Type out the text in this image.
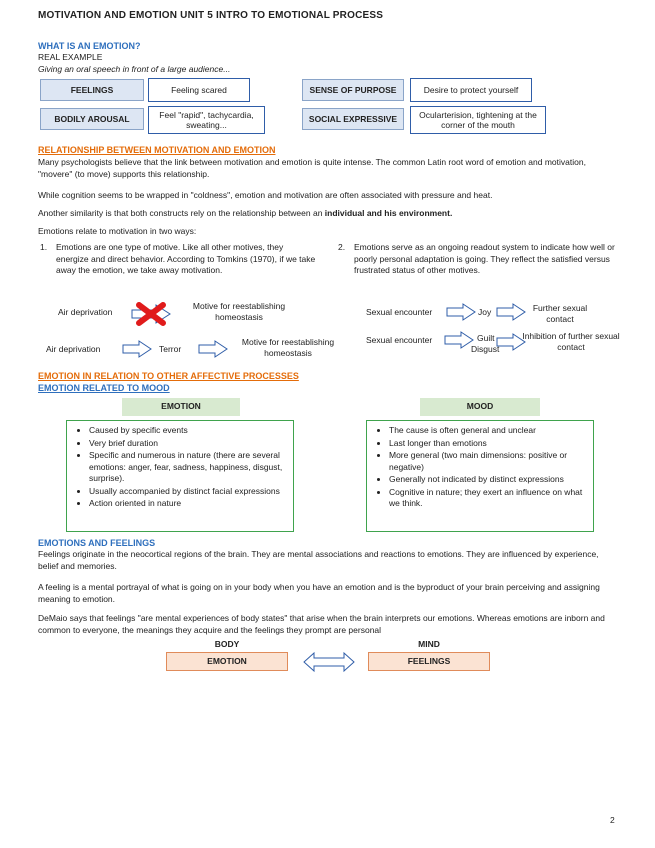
MOTIVATION AND EMOTION UNIT 5 INTRO TO EMOTIONAL PROCESS
WHAT IS AN EMOTION?
REAL EXAMPLE
Giving an oral speech in front of a large audience...
FEELINGS	Feeling scared
BODILY AROUSAL	Feel "rapid", tachycardia, sweating...
SENSE OF PURPOSE	Desire to protect yourself
SOCIAL EXPRESSIVE	Ocularterision, tightening at the corner of the mouth
RELATIONSHIP BETWEEN MOTIVATION AND EMOTION

Many psychologists believe that the link between motivation and emotion is quite intense. The common Latin root word of emotion and motivation, "movere" (to move) supports this relationship.

While cognition seems to be wrapped in "coldness", emotion and motivation are often associated with pressure and heat.

Another similarity is that both constructs rely on the relationship between an individual and his environment.

Emotions relate to motivation in two ways:

1. Emotions are one type of motive. Like all other motives, they energize and direct behavior. According to Tomkins (1970), if we take away the emotion, we take away motivation.

2. Emotions serve as an ongoing readout system to indicate how well or poorly personal adaptation is going. They reflect the satisfied versus frustrated status of other motives.

Air deprivation
Motive for reestablishing homeostasis
Air deprivation	Terror
Motive for reestablishing homeostasis
Sexual encounter	Joy	Further sexual contact
Sexual encounter	Guilt
Disgust
Inhibition of further sexual contact
EMOTION IN RELATION TO OTHER AFFECTIVE PROCESSES
EMOTION RELATED TO MOOD
EMOTION	MOOD
• Caused by specific events
• Very brief duration
• Specific and numerous in nature (there are several emotions: anger, fear, sadness, happiness, disgust, surprise).
• Usually accompanied by distinct facial expressions
• Action oriented in nature
• The cause is often general and unclear
• Last longer than emotions
• More general (two main dimensions: positive or negative)
• Generally not indicated by distinct expressions
• Cognitive in nature; they exert an influence on what we think.
EMOTIONS AND FEELINGS

Feelings originate in the neocortical regions of the brain. They are mental associations and reactions to emotions. They are influenced by experience, belief and memories.

A feeling is a mental portrayal of what is going on in your body when you have an emotion and is the byproduct of your brain perceiving and assigning meaning to emotion.

DeMaio says that feelings "are mental experiences of body states" that arise when the brain interprets our emotions. Whereas emotions are inborn and common to everyone, the meanings they acquire and the feelings they prompt are personal

BODY	MIND
EMOTION	FEELINGS
2
